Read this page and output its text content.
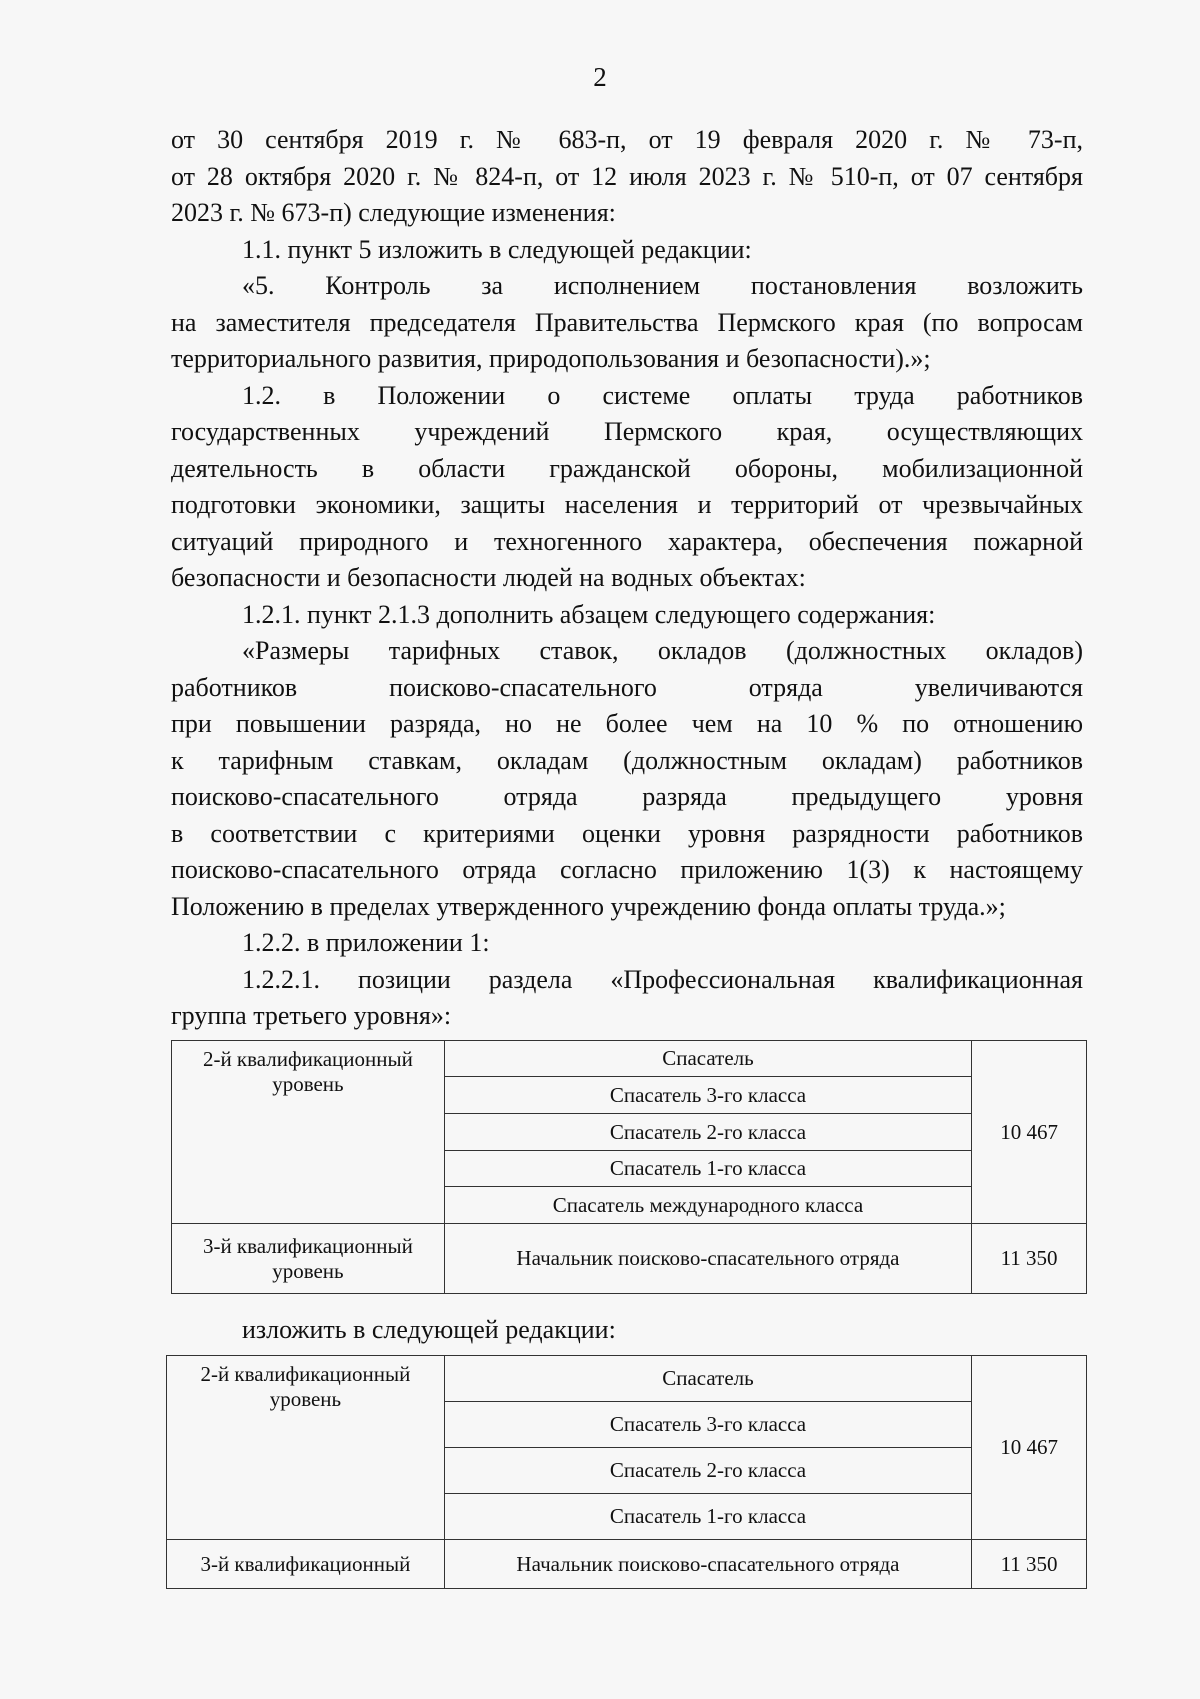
2
от 30 сентября 2019 г. № 683-п, от 19 февраля 2020 г. № 73-п,
от 28 октября 2020 г. № 824-п, от 12 июля 2023 г. № 510-п, от 07 сентября
2023 г. № 673-п) следующие изменения:
1.1. пункт 5 изложить в следующей редакции:
«5. Контроль за исполнением постановления возложить
на заместителя председателя Правительства Пермского края (по вопросам
территориального развития, природопользования и безопасности).»;
1.2. в Положении о системе оплаты труда работников
государственных учреждений Пермского края, осуществляющих
деятельность в области гражданской обороны, мобилизационной
подготовки экономики, защиты населения и территорий от чрезвычайных
ситуаций природного и техногенного характера, обеспечения пожарной
безопасности и безопасности людей на водных объектах:
1.2.1. пункт 2.1.3 дополнить абзацем следующего содержания:
«Размеры тарифных ставок, окладов (должностных окладов)
работников поисково-спасательного отряда увеличиваются
при повышении разряда, но не более чем на 10 % по отношению
к тарифным ставкам, окладам (должностным окладам) работников
поисково-спасательного отряда разряда предыдущего уровня
в соответствии с критериями оценки уровня разрядности работников
поисково-спасательного отряда согласно приложению 1(3) к настоящему
Положению в пределах утвержденного учреждению фонда оплаты труда.»;
1.2.2. в приложении 1:
1.2.2.1. позиции раздела «Профессиональная квалификационная
группа третьего уровня»:
2-й квалификационный уровень	Спасатель	10 467
	Спасатель 3-го класса	
	Спасатель 2-го класса	
	Спасатель 1-го класса	
	Спасатель международного класса	
3-й квалификационный уровень	Начальник поисково-спасательного отряда	11 350
изложить в следующей редакции:
2-й квалификационный уровень	Спасатель	10 467
	Спасатель 3-го класса	
	Спасатель 2-го класса	
	Спасатель 1-го класса	
3-й квалификационный	Начальник поисково-спасательного отряда	11 350
